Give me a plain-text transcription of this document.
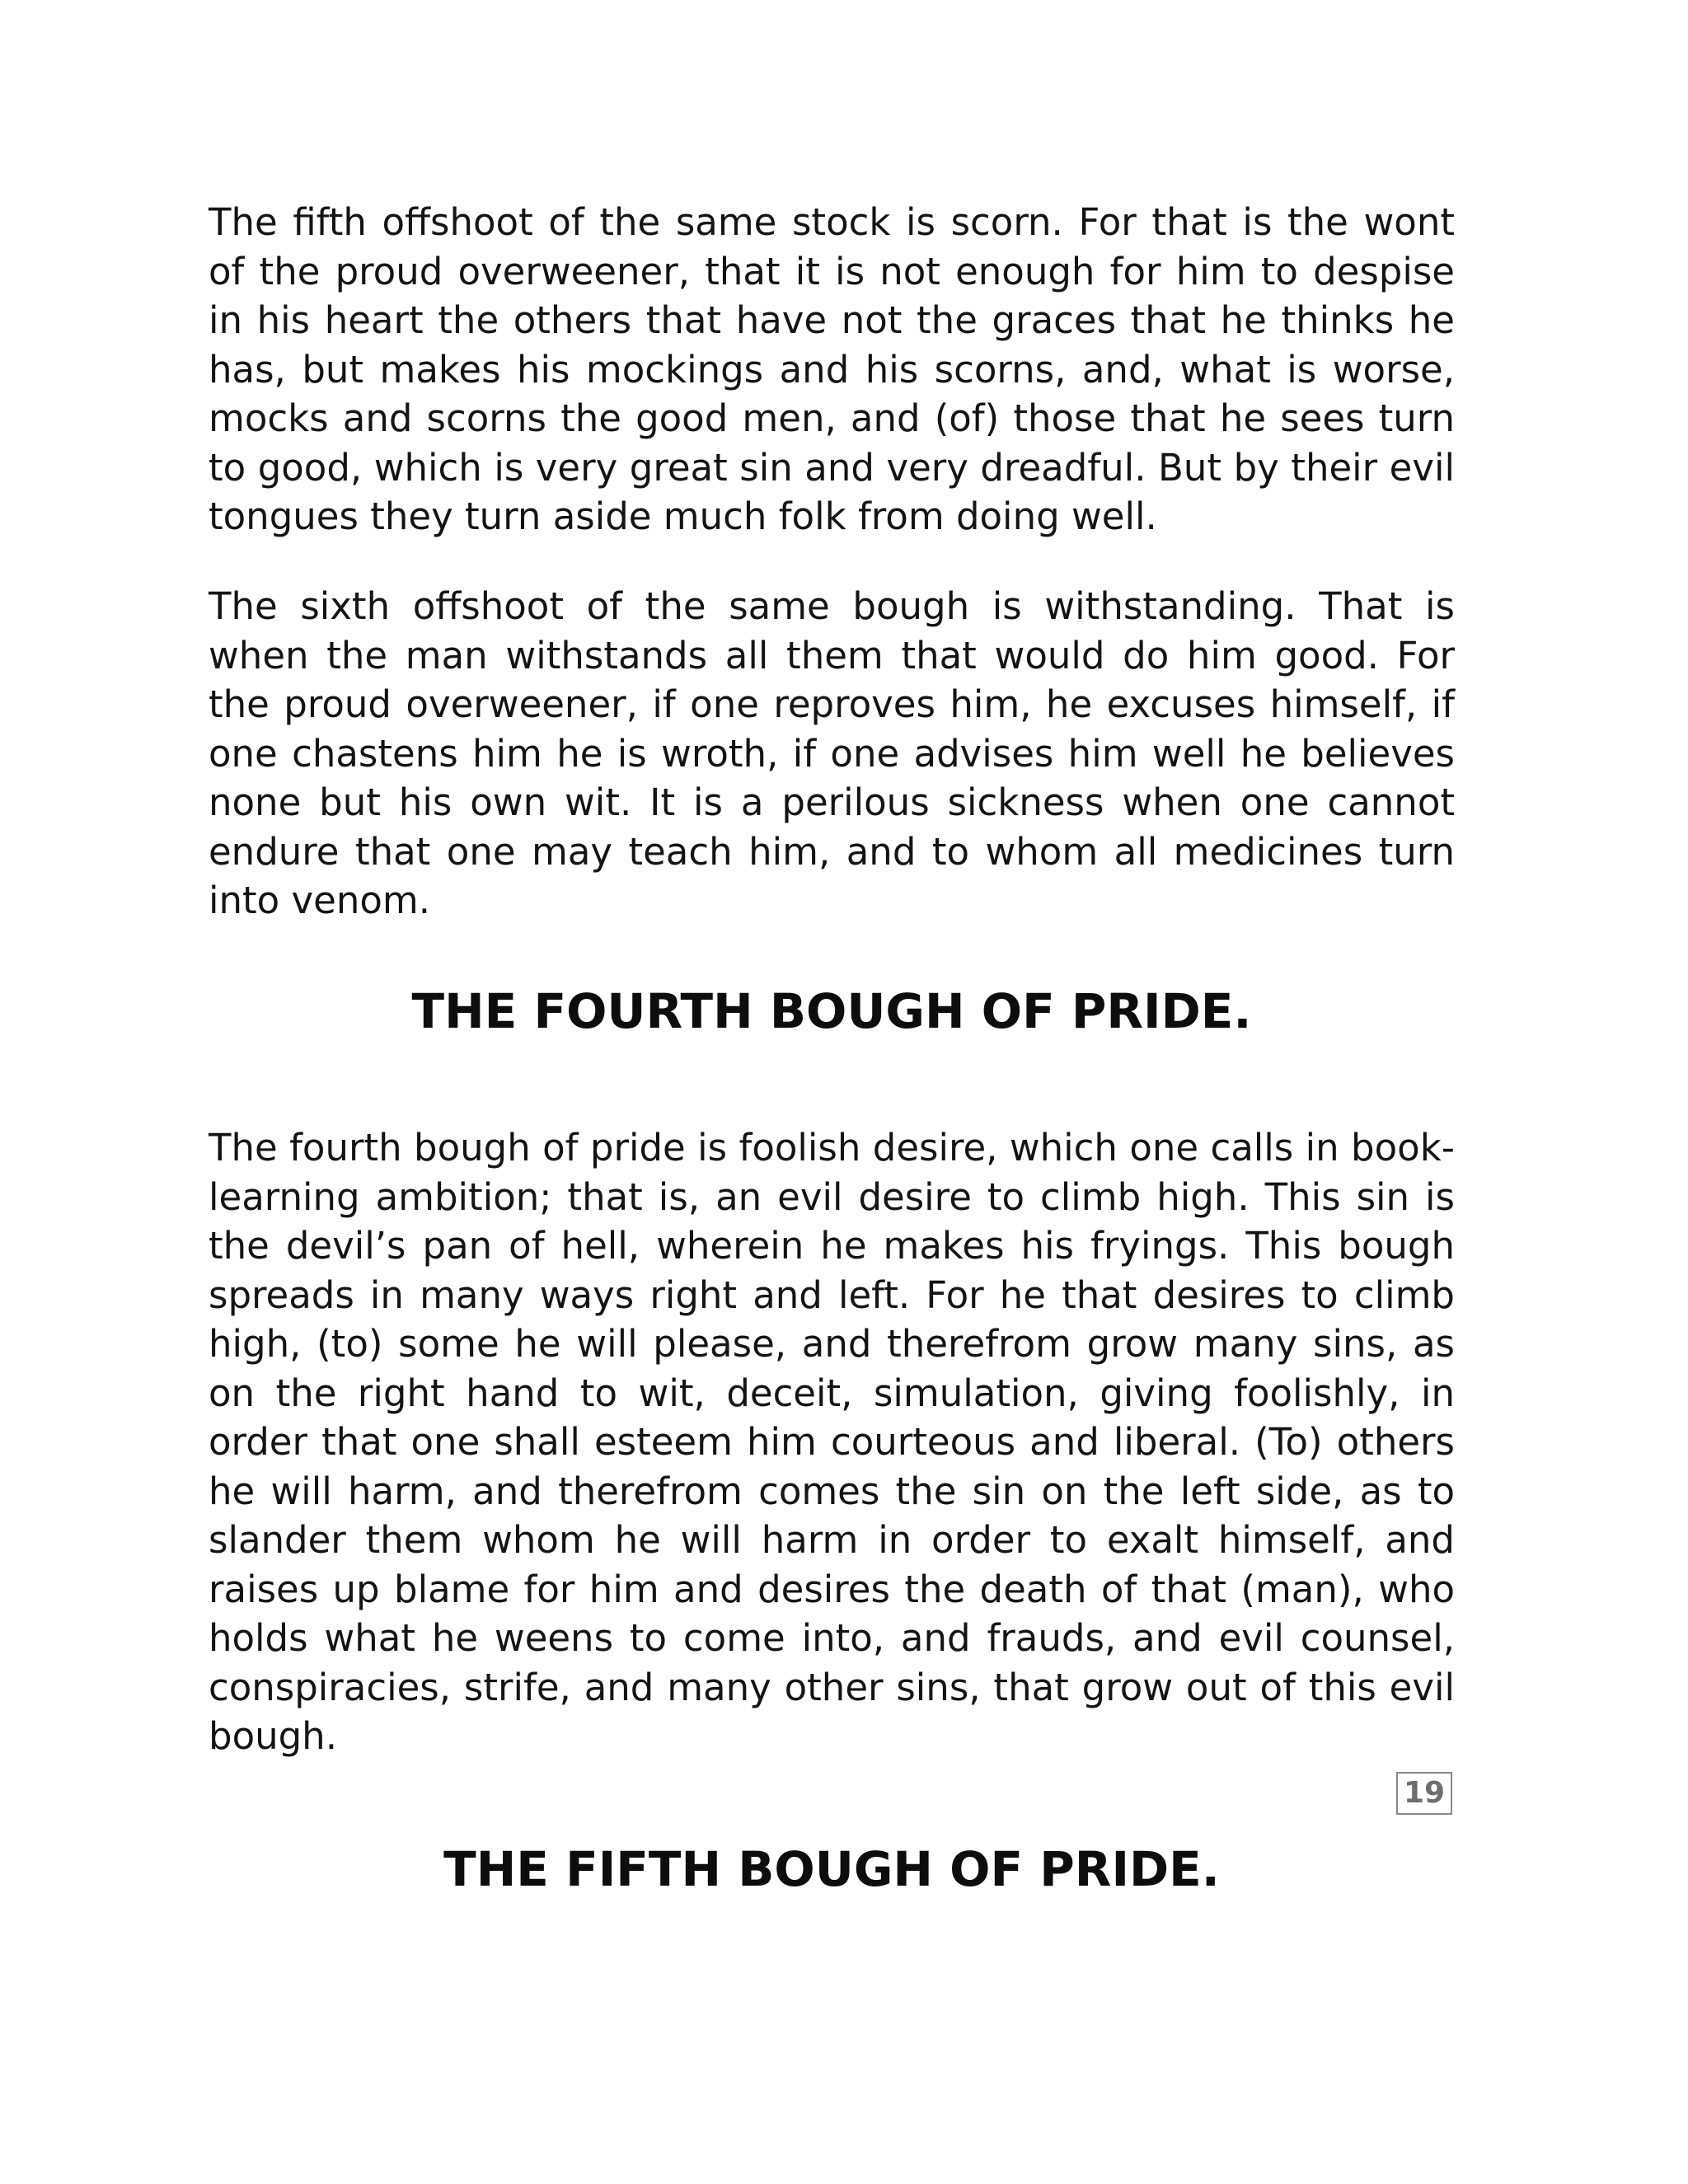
The fifth offshoot of the same stock is scorn. For that is the wont of the proud overweener, that it is not enough for him to despise in his heart the others that have not the graces that he thinks he has, but makes his mockings and his scorns, and, what is worse, mocks and scorns the good men, and (of) those that he sees turn to good, which is very great sin and very dreadful. But by their evil tongues they turn aside much folk from doing well.

The sixth offshoot of the same bough is withstanding. That is when the man withstands all them that would do him good. For the proud overweener, if one reproves him, he excuses himself, if one chastens him he is wroth, if one advises him well he believes none but his own wit. It is a perilous sickness when one cannot endure that one may teach him, and to whom all medicines turn into venom.

THE FOURTH BOUGH OF PRIDE.

The fourth bough of pride is foolish desire, which one calls in book-learning ambition; that is, an evil desire to climb high. This sin is the devil’s pan of hell, wherein he makes his fryings. This bough spreads in many ways right and left. For he that desires to climb high, (to) some he will please, and therefrom grow many sins, as on the right hand to wit, deceit, simulation, giving foolishly, in order that one shall esteem him courteous and liberal. (To) others he will harm, and therefrom comes the sin on the left side, as to slander them whom he will harm in order to exalt himself, and raises up blame for him and desires the death of that (man), who holds what he weens to come into, and frauds, and evil counsel, conspiracies, strife, and many other sins, that grow out of this evil bough.

19
THE FIFTH BOUGH OF PRIDE.
